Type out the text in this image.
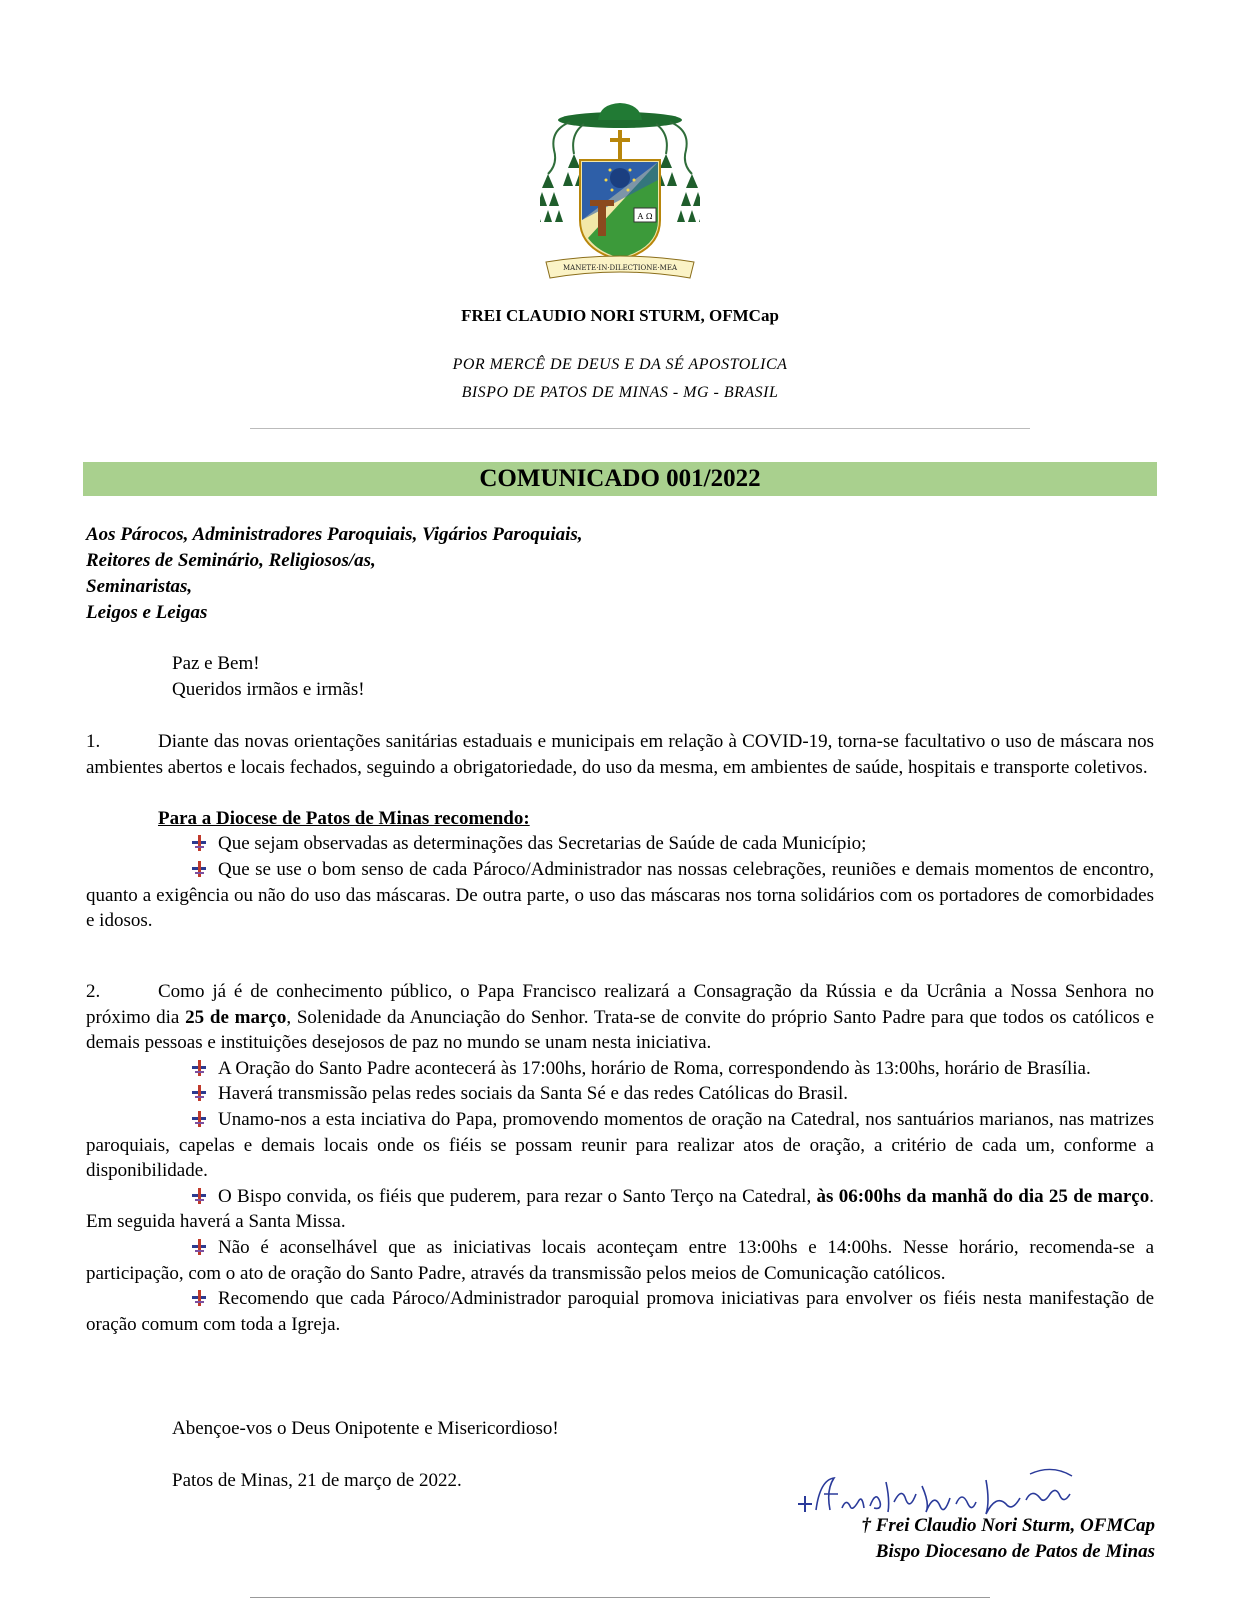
A Ω
MANETE·IN·DILECTIONE·MEA
FREI CLAUDIO NORI STURM, OFMCap
POR MERCÊ DE DEUS E DA SÉ APOSTOLICA
BISPO DE PATOS DE MINAS - MG - BRASIL
COMUNICADO 001/2022
Aos Párocos, Administradores Paroquiais, Vigários Paroquiais,
Reitores de Seminário, Religiosos/as,
Seminaristas,
Leigos e Leigas
Paz e Bem!
Queridos irmãos e irmãs!

1.	Diante das novas orientações sanitárias estaduais e municipais em relação à COVID-19, torna-se facultativo o uso de máscara nos ambientes abertos e locais fechados, seguindo a obrigatoriedade, do uso da mesma, em ambientes de saúde, hospitais e transporte coletivos.

Para a Diocese de Patos de Minas recomendo:

Que sejam observadas as determinações das Secretarias de Saúde de cada Município;

Que se use o bom senso de cada Pároco/Administrador nas nossas celebrações, reuniões e demais momentos de encontro, quanto a exigência ou não do uso das máscaras. De outra parte, o uso das máscaras nos torna solidários com os portadores de comorbidades e idosos.

2.	Como já é de conhecimento público, o Papa Francisco realizará a Consagração da Rússia e da Ucrânia a Nossa Senhora no próximo dia 25 de março, Solenidade da Anunciação do Senhor. Trata-se de convite do próprio Santo Padre para que todos os católicos e demais pessoas e instituições desejosos de paz no mundo se unam nesta iniciativa.

A Oração do Santo Padre acontecerá às 17:00hs, horário de Roma, correspondendo às 13:00hs, horário de Brasília.

Haverá transmissão pelas redes sociais da Santa Sé e das redes Católicas do Brasil.

Unamo-nos a esta inciativa do Papa, promovendo momentos de oração na Catedral, nos santuários marianos, nas matrizes paroquiais, capelas e demais locais onde os fiéis se possam reunir para realizar atos de oração, a critério de cada um, conforme a disponibilidade.

O Bispo convida, os fiéis que puderem, para rezar o Santo Terço na Catedral, às 06:00hs da manhã do dia 25 de março. Em seguida haverá a Santa Missa.

Não é aconselhável que as iniciativas locais aconteçam entre 13:00hs e 14:00hs. Nesse horário, recomenda-se a participação, com o ato de oração do Santo Padre, através da transmissão pelos meios de Comunicação católicos.

Recomendo que cada Pároco/Administrador paroquial promova iniciativas para envolver os fiéis nesta manifestação de oração comum com toda a Igreja.

Abençoe-vos o Deus Onipotente e Misericordioso!
Patos de Minas, 21 de março de 2022.
† Frei Claudio Nori Sturm, OFMCap
Bispo Diocesano de Patos de Minas
